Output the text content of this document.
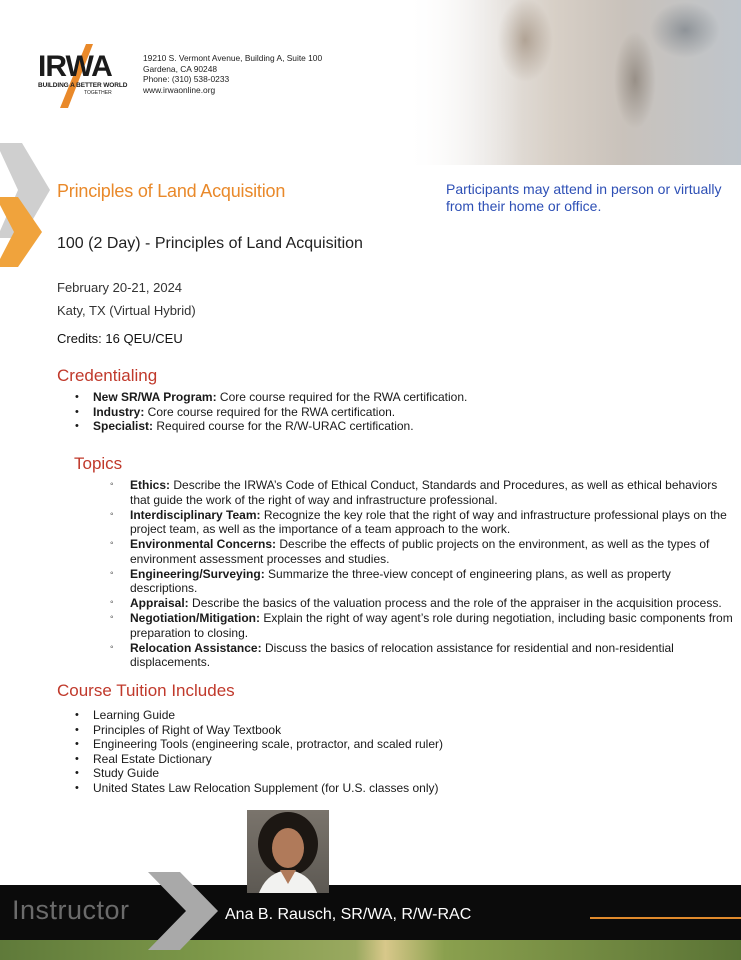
IRWA
BUILDING A BETTER WORLD
TOGETHER
19210 S. Vermont Avenue, Building A, Suite 100
Gardena, CA 90248
Phone: (310) 538-0233
www.irwaonline.org
Principles of Land Acquisition	Participants may attend in person or virtually from their home or office.
100 (2 Day) - Principles of Land Acquisition
February 20-21, 2024
Katy, TX (Virtual Hybrid)
Credits: 16 QEU/CEU
Credentialing
• New SR/WA Program: Core course required for the RWA certification.
• Industry: Core course required for the RWA certification.
• Specialist: Required course for the R/W-URAC certification.
Topics
◦ Ethics: Describe the IRWA’s Code of Ethical Conduct, Standards and Procedures, as well as ethical behaviors that guide the work of the right of way and infrastructure professional.
◦ Interdisciplinary Team: Recognize the key role that the right of way and infrastructure professional plays on the project team, as well as the importance of a team approach to the work.
◦ Environmental Concerns: Describe the effects of public projects on the environment, as well as the types of environment assessment processes and studies.
◦ Engineering/Surveying: Summarize the three-view concept of engineering plans, as well as property descriptions.
◦ Appraisal: Describe the basics of the valuation process and the role of the appraiser in the acquisition process.
◦ Negotiation/Mitigation: Explain the right of way agent’s role during negotiation, including basic components from preparation to closing.
◦ Relocation Assistance: Discuss the basics of relocation assistance for residential and non-residential displacements.
Course Tuition Includes
• Learning Guide
• Principles of Right of Way Textbook
• Engineering Tools (engineering scale, protractor, and scaled ruler)
• Real Estate Dictionary
• Study Guide
• United States Law Relocation Supplement (for U.S. classes only)
Instructor	Ana B. Rausch, SR/WA, R/W-RAC
